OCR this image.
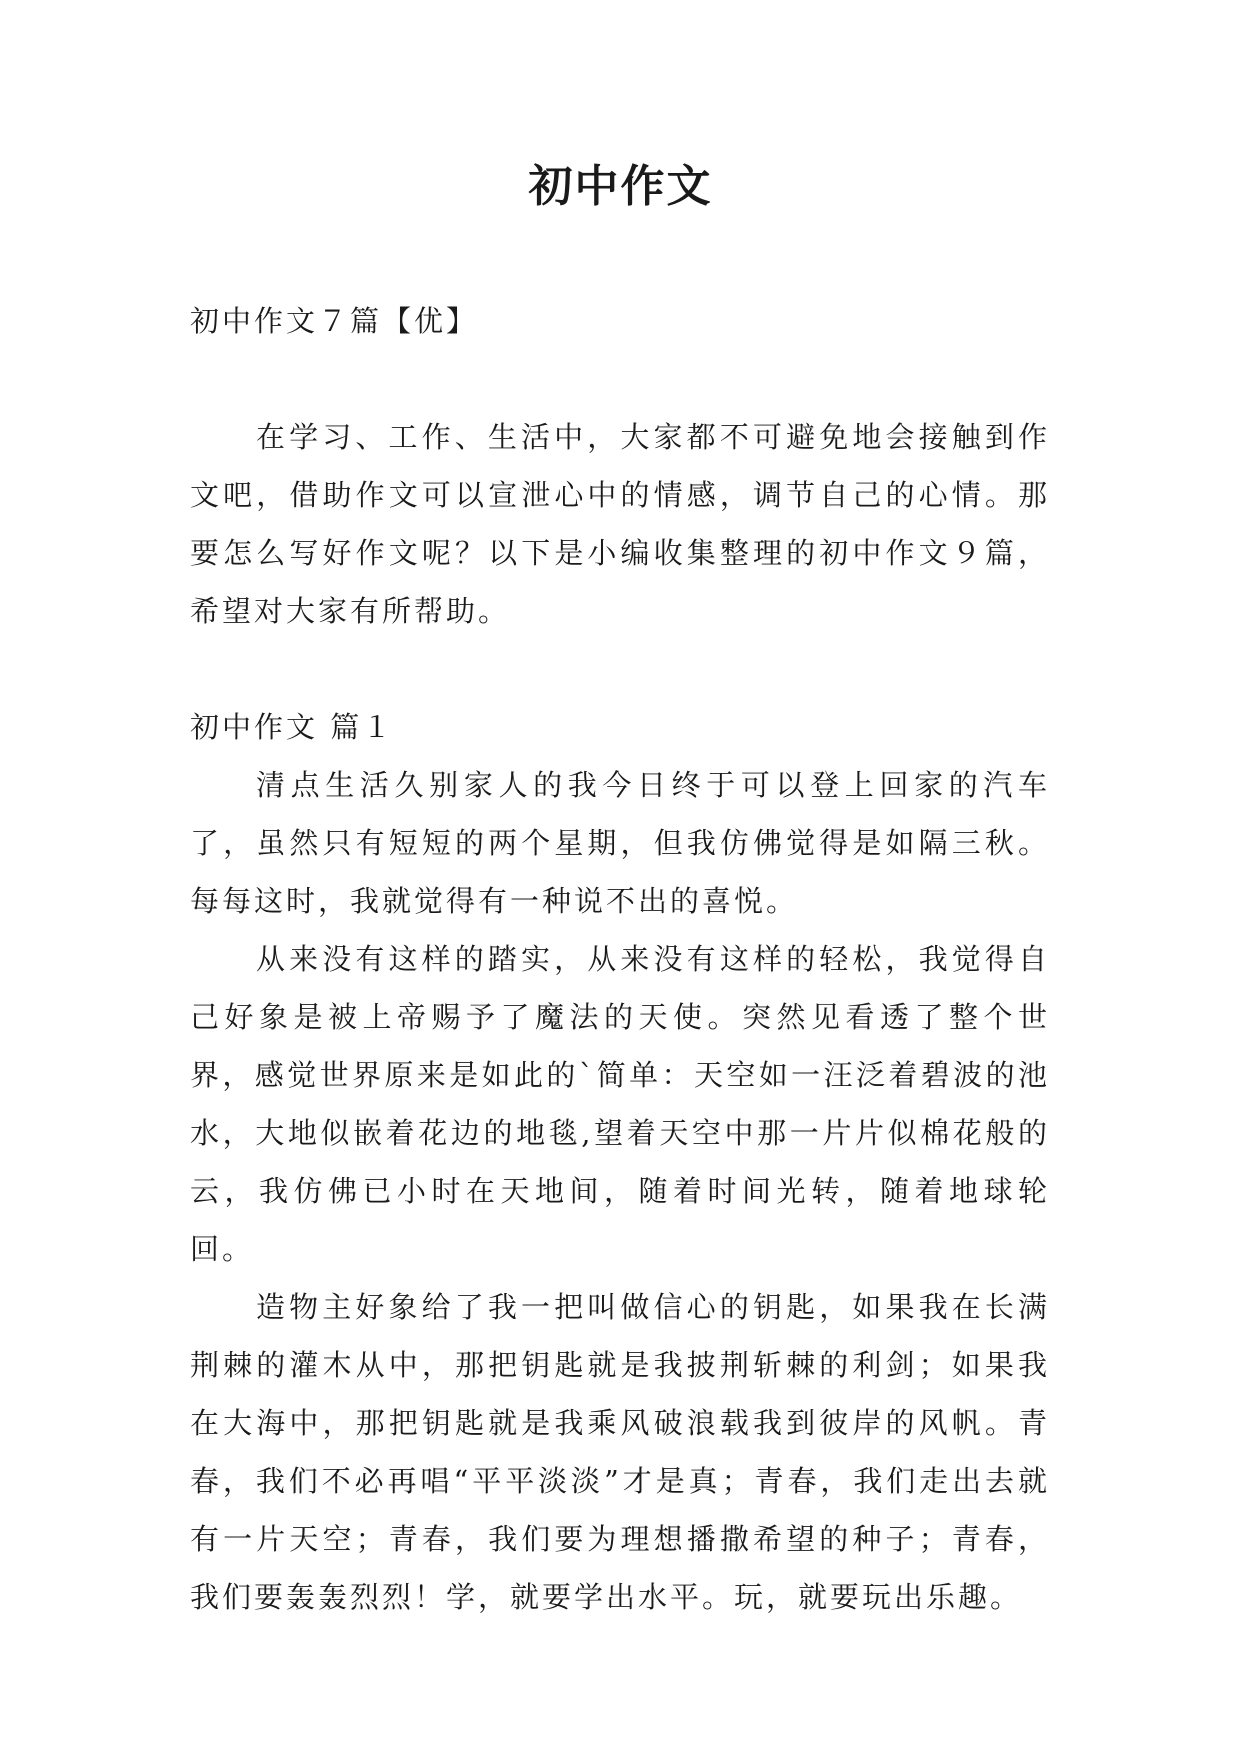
初中作文
初中作文７篇【优】

在学习、工作、生活中，大家都不可避免地会接触到作文吧，借助作文可以宣泄心中的情感，调节自己的心情。那要怎么写好作文呢？以下是小编收集整理的初中作文９篇，希望对大家有所帮助。

初中作文 篇１

清点生活久别家人的我今日终于可以登上回家的汽车了，虽然只有短短的两个星期，但我仿佛觉得是如隔三秋。每每这时，我就觉得有一种说不出的喜悦。

从来没有这样的踏实，从来没有这样的轻松，我觉得自己好象是被上帝赐予了魔法的天使。突然见看透了整个世界，感觉世界原来是如此的`简单：天空如一汪泛着碧波的池水，大地似嵌着花边的地毯,望着天空中那一片片似棉花般的云，我仿佛已小时在天地间，随着时间光转，随着地球轮回。

造物主好象给了我一把叫做信心的钥匙，如果我在长满荆棘的灌木从中，那把钥匙就是我披荆斩棘的利剑；如果我在大海中，那把钥匙就是我乘风破浪载我到彼岸的风帆。青春，我们不必再唱“平平淡淡”才是真；青春，我们走出去就有一片天空；青春，我们要为理想播撒希望的种子；青春，我们要轰轰烈烈！学，就要学出水平。玩，就要玩出乐趣。
